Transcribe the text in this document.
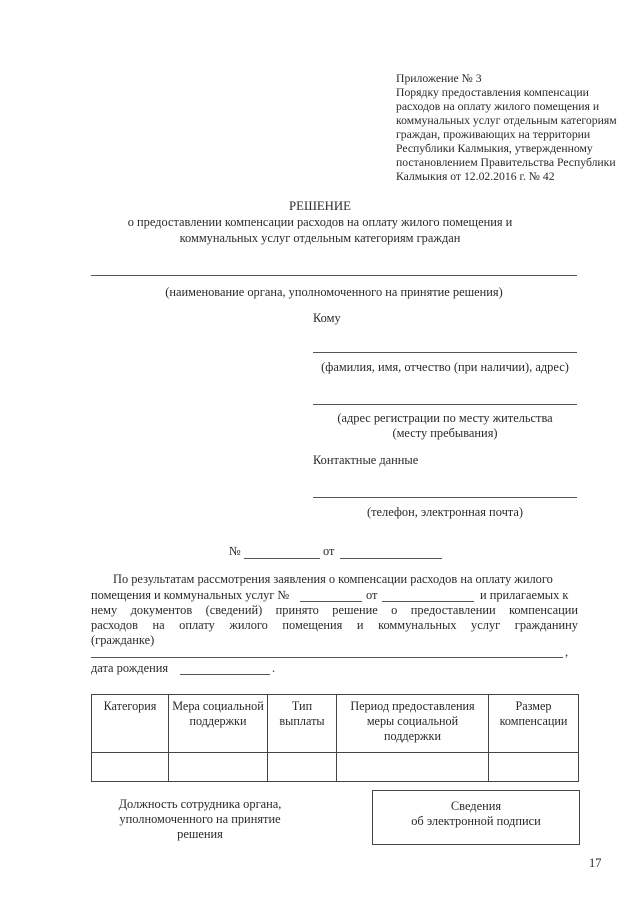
Приложение № 3
Порядку предоставления компенсации
расходов на оплату жилого помещения и
коммунальных услуг отдельным категориям
граждан, проживающих на территории
Республики Калмыкия, утвержденному
постановлением Правительства Республики
Калмыкия от 12.02.2016 г. № 42
РЕШЕНИЕ
о предоставлении компенсации расходов на оплату жилого помещения и
коммунальных услуг отдельным категориям граждан
(наименование органа, уполномоченного на принятие решения)
Кому
(фамилия, имя, отчество (при наличии), адрес)
(адрес регистрации по месту жительства
(месту пребывания)
Контактные данные
(телефон, электронная почта)
№	от
По результатам рассмотрения заявления о компенсации расходов на оплату жилого
помещения и коммунальных услуг №	от	и прилагаемых к
нему документов (сведений) принято решение о предоставлении компенсации
расходов на оплату жилого помещения и коммунальных услуг гражданину
(гражданке)
,
дата рождения	.
Категория	Мера социальной поддержки	Тип выплаты	Период предоставления меры социальной поддержки	Размер компенсации

Должность сотрудника органа,
уполномоченного на принятие
решения
Сведения
об электронной подписи
17
